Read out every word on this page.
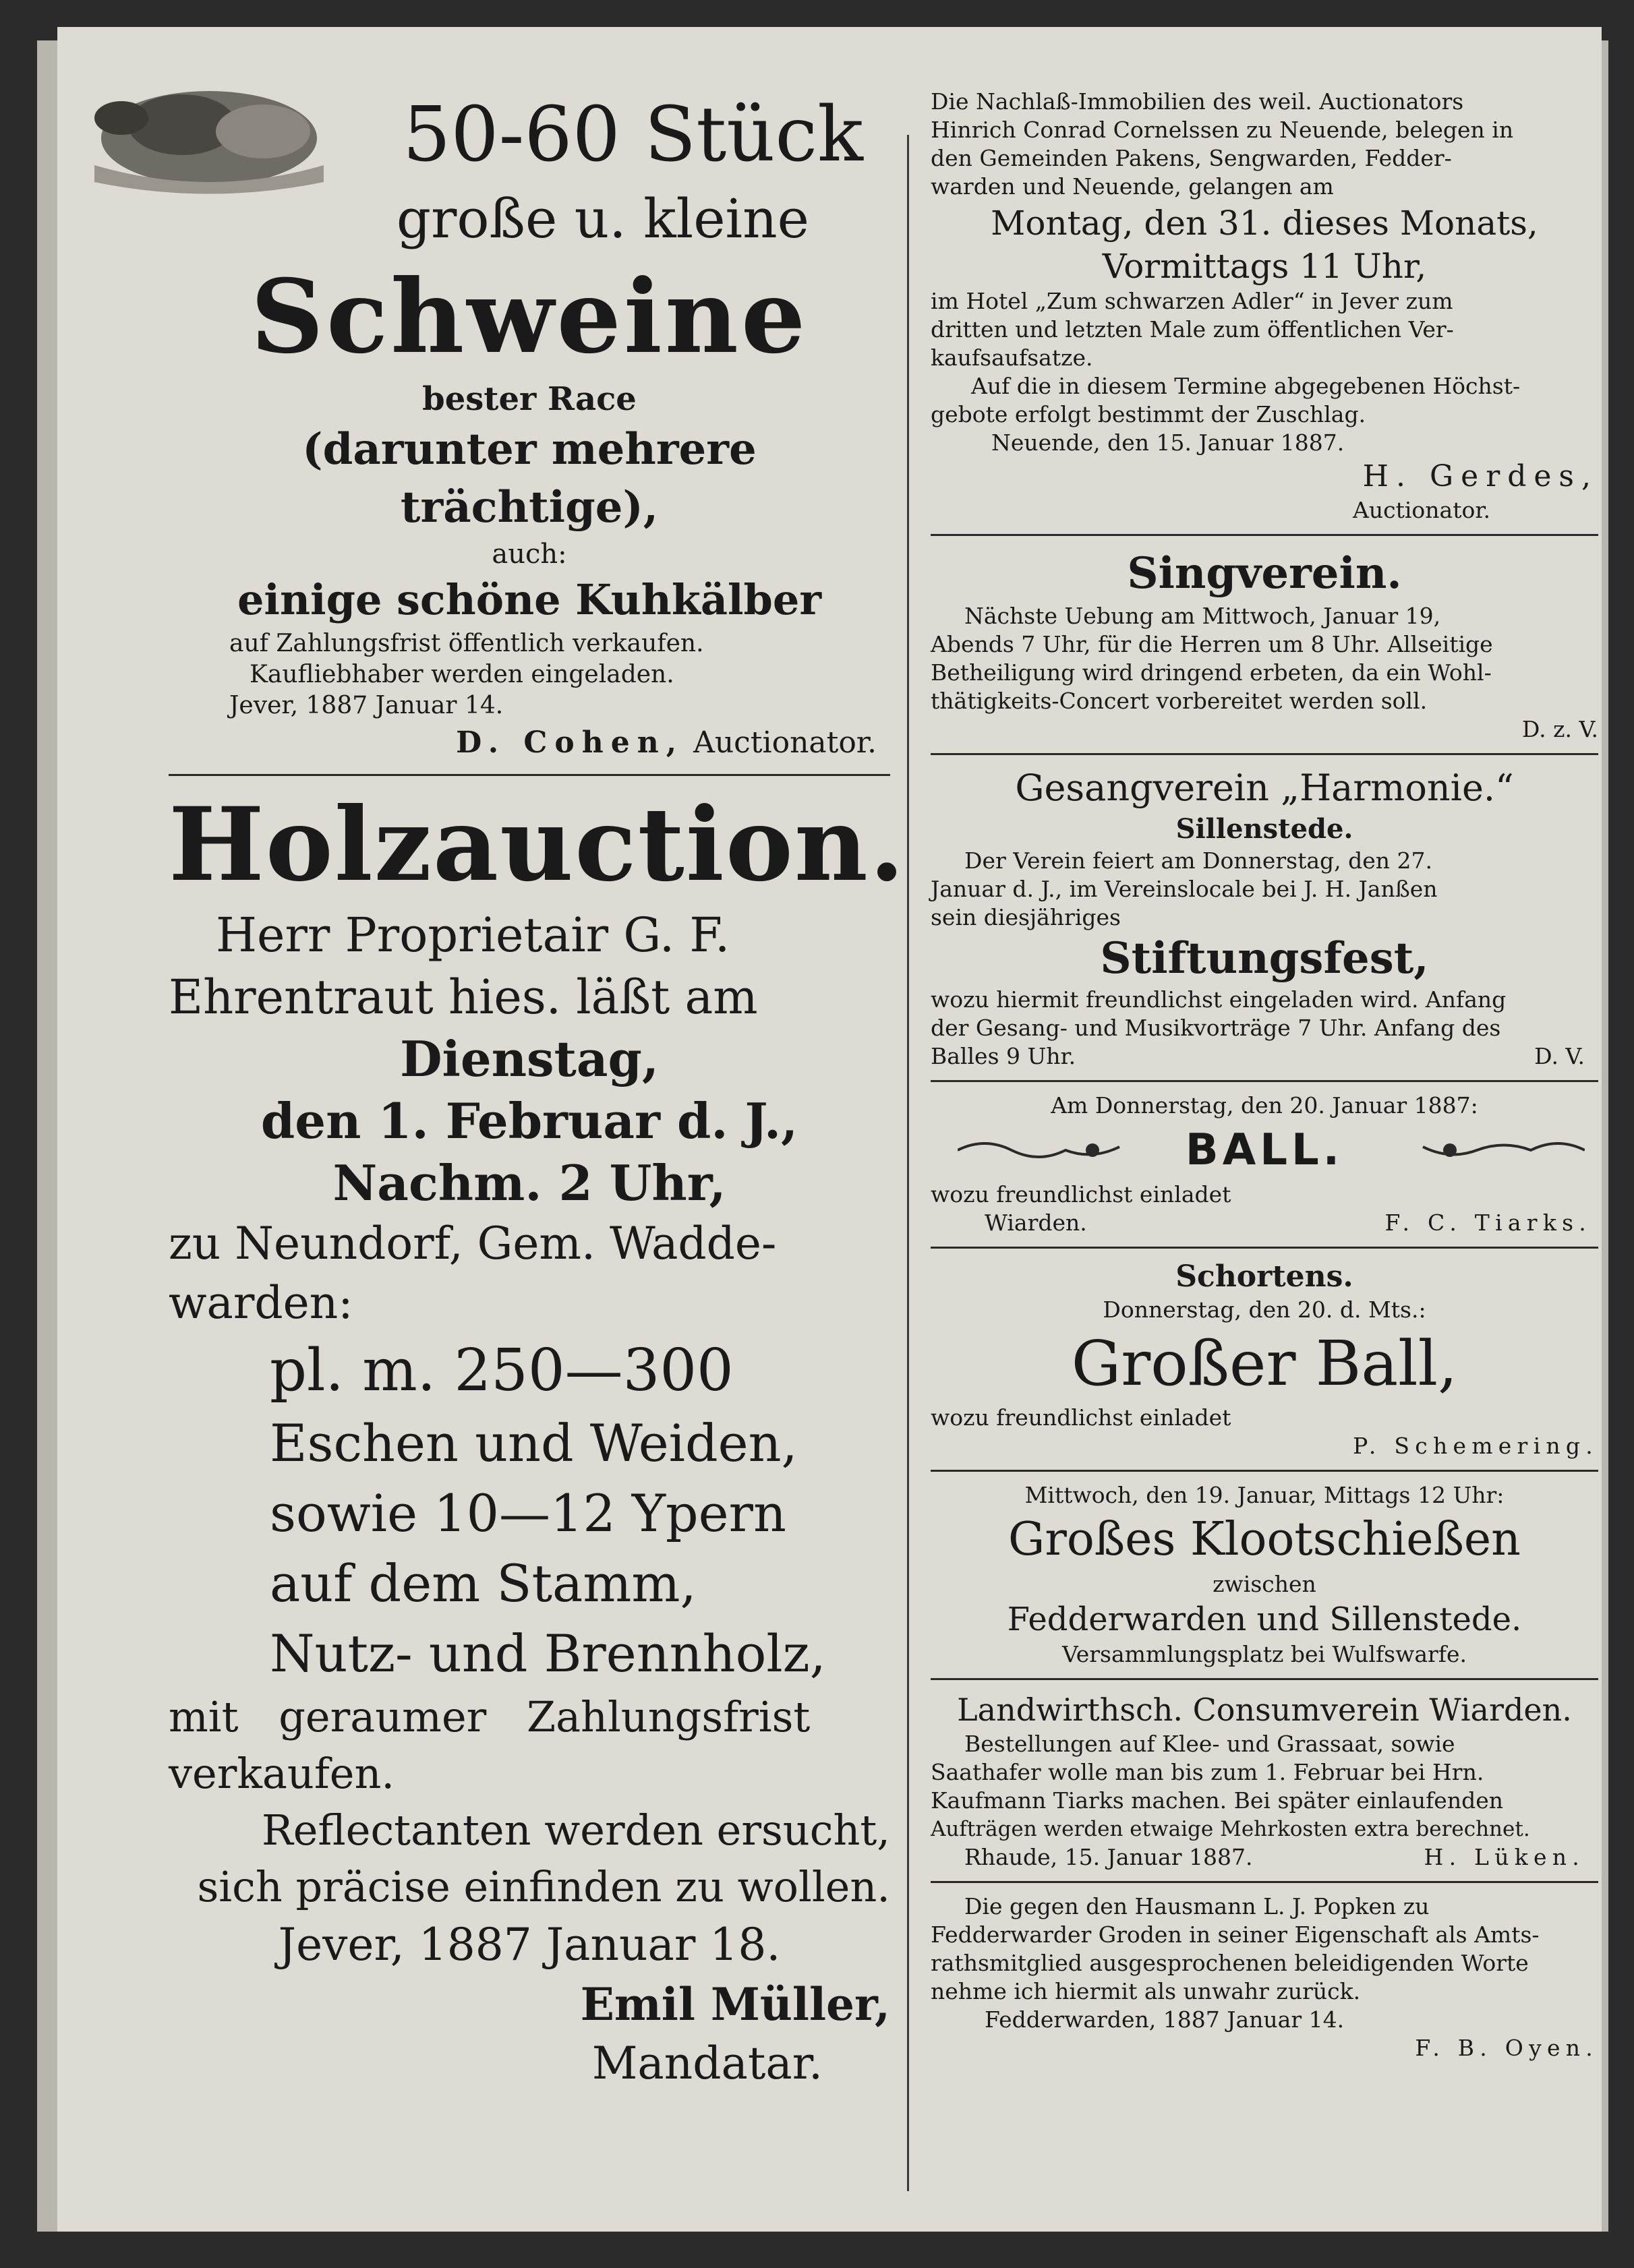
50-60 Stück

große u. kleine

Schweine

bester Race

(darunter mehrere trächtige),

auch:

einige schöne Kuhkälber

auf Zahlungsfrist öffentlich verkaufen.

Kaufliebhaber werden eingeladen.

Jever, 1887 Januar 14.

D. Cohen, Auctionator.

Holzauction.

Herr Proprietair G. F.

Ehrentraut hies. läßt am

Dienstag,

den 1. Februar d. J.,

Nachm. 2 Uhr,

zu Neundorf, Gem. Wadde-

warden:

pl. m. 250—300

Eschen und Weiden,

sowie 10—12 Ypern

auf dem Stamm,

Nutz- und Brennholz,

mit geraumer Zahlungsfrist

verkaufen.

Reflectanten werden ersucht,

sich präcise einfinden zu wollen.

Jever, 1887 Januar 18.

Emil Müller,

Mandatar.

Die Nachlaß-Immobilien des weil. Auctionators

Hinrich Conrad Cornelssen zu Neuende, belegen in

den Gemeinden Pakens, Sengwarden, Fedder-

warden und Neuende, gelangen am

Montag, den 31. dieses Monats,

Vormittags 11 Uhr,

im Hotel „Zum schwarzen Adler“ in Jever zum

dritten und letzten Male zum öffentlichen Ver-

kaufsaufsatze.

Auf die in diesem Termine abgegebenen Höchst-

gebote erfolgt bestimmt der Zuschlag.

Neuende, den 15. Januar 1887.

H. Gerdes,

Auctionator.

Singverein.

Nächste Uebung am Mittwoch, Januar 19,

Abends 7 Uhr, für die Herren um 8 Uhr. Allseitige

Betheiligung wird dringend erbeten, da ein Wohl-

thätigkeits-Concert vorbereitet werden soll.

D. z. V.

Gesangverein „Harmonie.“

Sillenstede.

Der Verein feiert am Donnerstag, den 27.

Januar d. J., im Vereinslocale bei J. H. Janßen

sein diesjähriges

Stiftungsfest,

wozu hiermit freundlichst eingeladen wird. Anfang

der Gesang- und Musikvorträge 7 Uhr. Anfang des

Balles 9 Uhr.	D. V.

Am Donnerstag, den 20. Januar 1887:

BALL.

wozu freundlichst einladet

Wiarden.	F. C. Tiarks.

Schortens.

Donnerstag, den 20. d. Mts.:

Großer Ball,

wozu freundlichst einladet

P. Schemering.

Mittwoch, den 19. Januar, Mittags 12 Uhr:

Großes Klootschießen

zwischen

Fedderwarden und Sillenstede.

Versammlungsplatz bei Wulfswarfe.

Landwirthsch. Consumverein Wiarden.

Bestellungen auf Klee- und Grassaat, sowie

Saathafer wolle man bis zum 1. Februar bei Hrn.

Kaufmann Tiarks machen. Bei später einlaufenden

Aufträgen werden etwaige Mehrkosten extra berechnet.

Rhaude, 15. Januar 1887.	H. Lüken.

Die gegen den Hausmann L. J. Popken zu

Fedderwarder Groden in seiner Eigenschaft als Amts-

rathsmitglied ausgesprochenen beleidigenden Worte

nehme ich hiermit als unwahr zurück.

Fedderwarden, 1887 Januar 14.

F. B. Oyen.
